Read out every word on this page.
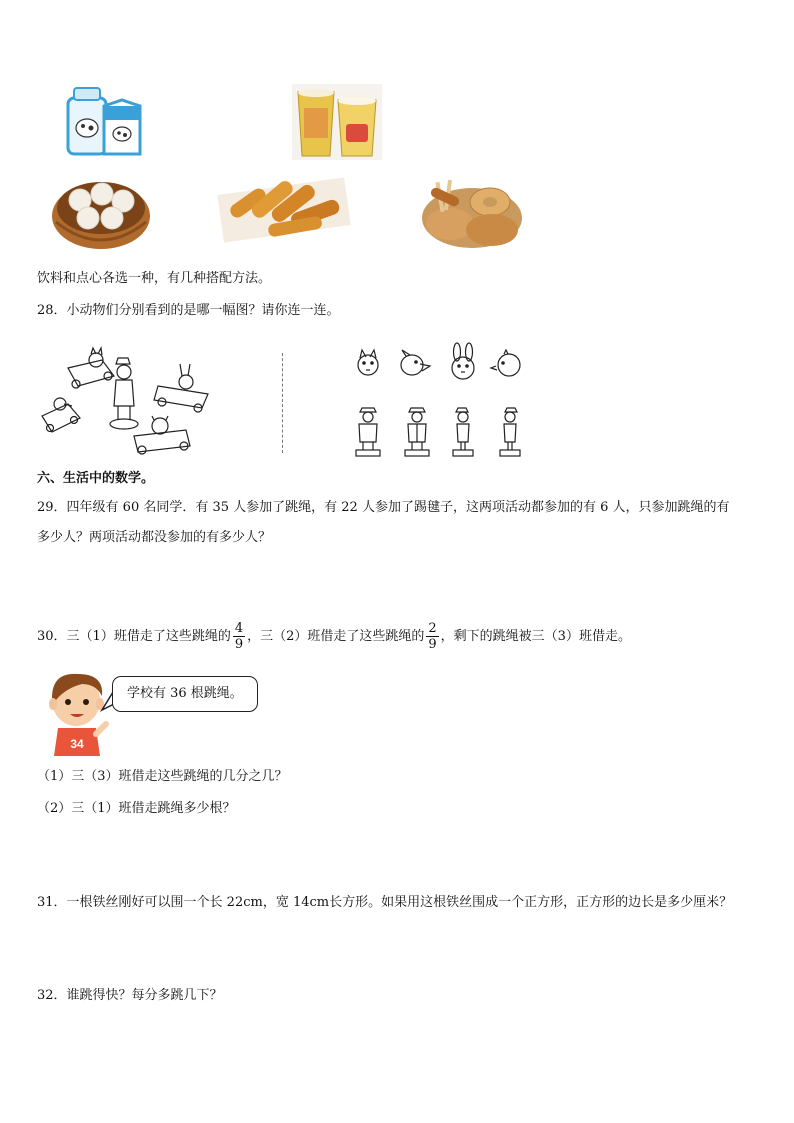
饮料和点心各选一种，有几种搭配方法。
28．小动物们分别看到的是哪一幅图？请你连一连。
六、生活中的数学。
29．四年级有 60 名同学．有 35 人参加了跳绳，有 22 人参加了踢毽子，这两项活动都参加的有 6 人，只参加跳绳的有
多少人？两项活动都没参加的有多少人？
30．三（1）班借走了这些跳绳的 $\frac{4}{9}$ ，三（2）班借走了这些跳绳的 $\frac{2}{9}$ ，剩下的跳绳被三（3）班借走。
34
学校有 36 根跳绳。
（1）三（3）班借走这些跳绳的几分之几？
（2）三（1）班借走跳绳多少根？
31．一根铁丝刚好可以围一个长 22cm，宽 14cm长方形。如果用这根铁丝围成一个正方形，正方形的边长是多少厘米？
32．谁跳得快？每分多跳几下？
